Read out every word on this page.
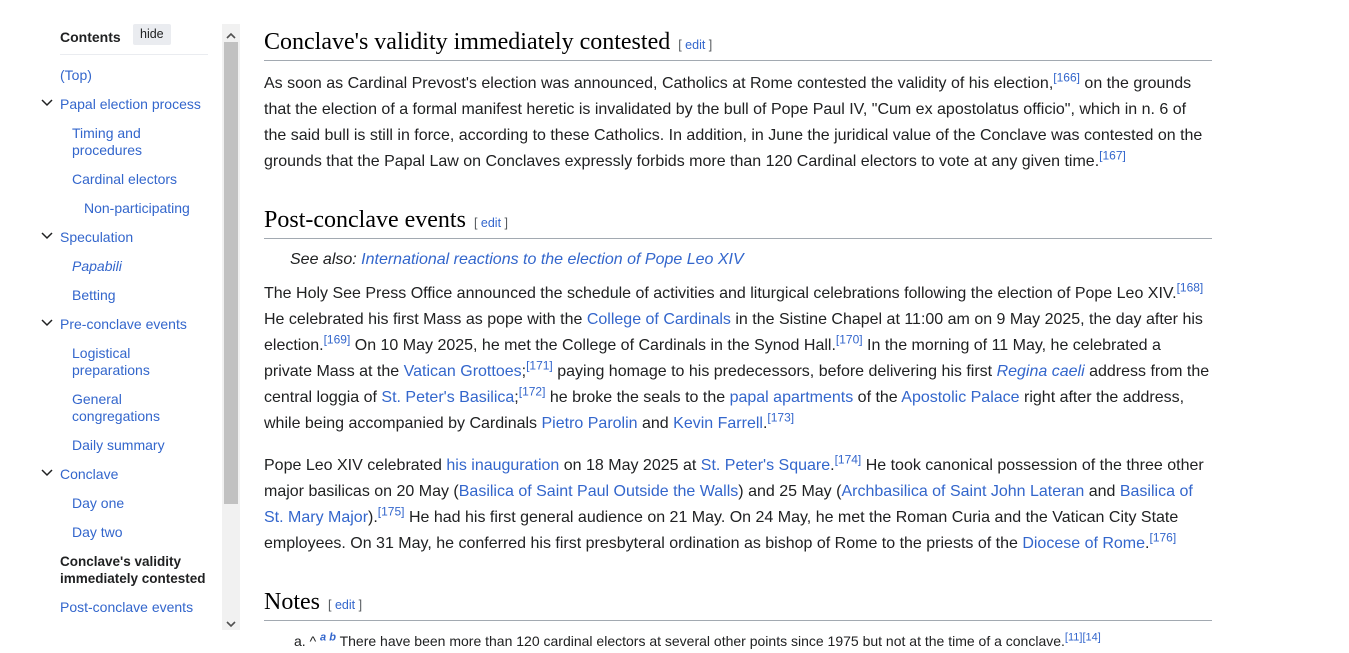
Contents	hide
(Top)
Papal election process
Timing and procedures
Cardinal electors
Non-participating
Speculation
Papabili
Betting
Pre-conclave events
Logistical preparations
General congregations
Daily summary
Conclave
Day one
Day two
Conclave's validity immediately contested
Post-conclave events
Conclave's validity immediately contested [ edit ]

As soon as Cardinal Prevost's election was announced, Catholics at Rome contested the validity of his election,[166] on the grounds that the election of a formal manifest heretic is invalidated by the bull of Pope Paul IV, "Cum ex apostolatus officio", which in n. 6 of the said bull is still in force, according to these Catholics. In addition, in June the juridical value of the Conclave was contested on the grounds that the Papal Law on Conclaves expressly forbids more than 120 Cardinal electors to vote at any given time.[167]

Post-conclave events [ edit ]
See also: International reactions to the election of Pope Leo XIV

The Holy See Press Office announced the schedule of activities and liturgical celebrations following the election of Pope Leo XIV.[168] He celebrated his first Mass as pope with the College of Cardinals in the Sistine Chapel at 11:00 am on 9 May 2025, the day after his election.[169] On 10 May 2025, he met the College of Cardinals in the Synod Hall.[170] In the morning of 11 May, he celebrated a private Mass at the Vatican Grottoes;[171] paying homage to his predecessors, before delivering his first Regina caeli address from the central loggia of St. Peter's Basilica;[172] he broke the seals to the papal apartments of the Apostolic Palace right after the address, while being accompanied by Cardinals Pietro Parolin and Kevin Farrell.[173]

Pope Leo XIV celebrated his inauguration on 18 May 2025 at St. Peter's Square.[174] He took canonical possession of the three other major basilicas on 20 May (Basilica of Saint Paul Outside the Walls) and 25 May (Archbasilica of Saint John Lateran and Basilica of St. Mary Major).[175] He had his first general audience on 21 May. On 24 May, he met the Roman Curia and the Vatican City State employees. On 31 May, he conferred his first presbyteral ordination as bishop of Rome to the priests of the Diocese of Rome.[176]

Notes [ edit ]
a. ^ $^{a b}$ There have been more than 120 cardinal electors at several other points since 1975 but not at the time of a conclave.[11][14]
